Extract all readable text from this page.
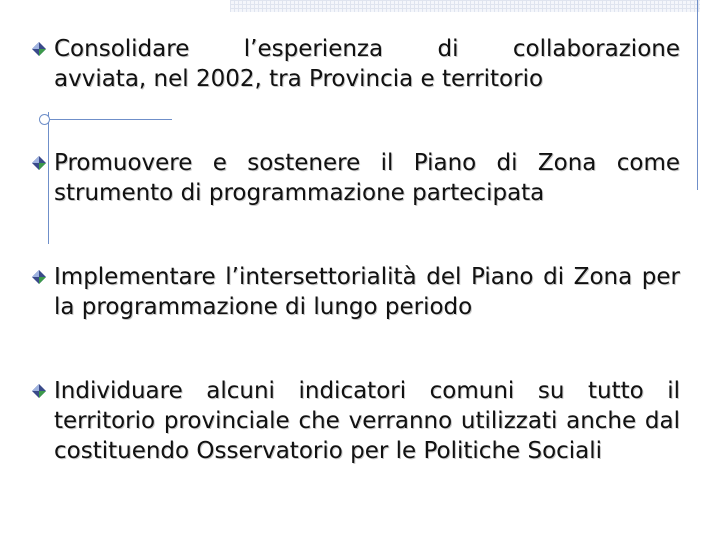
Consolidare l’esperienza di collaborazione
avviata, nel 2002, tra Provincia e territorio
Promuovere e sostenere il Piano di Zona come strumento di programmazione partecipata
Implementare l’intersettorialità del Piano di Zona per la programmazione di lungo periodo
Individuare alcuni indicatori comuni su tutto il territorio provinciale che verranno utilizzati anche dal costituendo Osservatorio per le Politiche Sociali
